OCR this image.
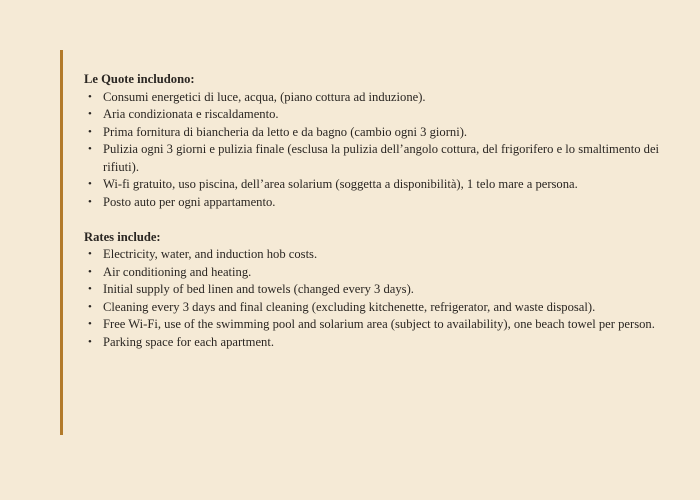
Le Quote includono:
• Consumi energetici di luce, acqua, (piano cottura ad induzione).
• Aria condizionata e riscaldamento.
• Prima fornitura di biancheria da letto e da bagno (cambio ogni 3 giorni).
• Pulizia ogni 3 giorni e pulizia finale (esclusa la pulizia dell’angolo cottura, del frigorifero e lo smaltimento dei rifiuti).
• Wi-fi gratuito, uso piscina, dell’area solarium (soggetta a disponibilità), 1 telo mare a persona.
• Posto auto per ogni appartamento.
Rates include:
• Electricity, water, and induction hob costs.
• Air conditioning and heating.
• Initial supply of bed linen and towels (changed every 3 days).
• Cleaning every 3 days and final cleaning (excluding kitchenette, refrigerator, and waste disposal).
• Free Wi-Fi, use of the swimming pool and solarium area (subject to availability), one beach towel per person.
• Parking space for each apartment.
